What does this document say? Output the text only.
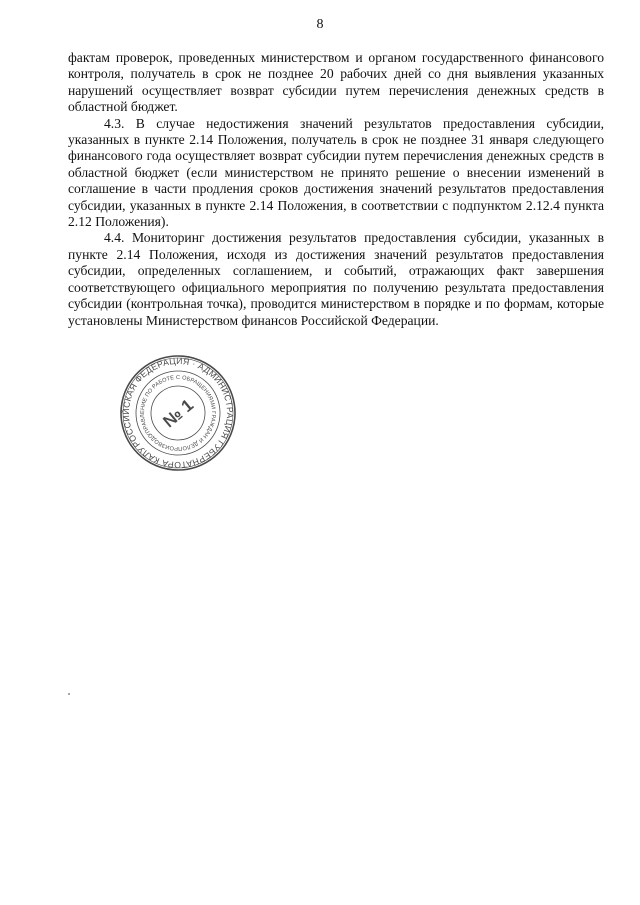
8

фактам проверок, проведенных министерством и органом государственного финансового контроля, получатель в срок не позднее 20 рабочих дней со дня выявления указанных нарушений осуществляет возврат субсидии путем перечисления денежных средств в областной бюджет.

4.3. В случае недостижения значений результатов предоставления субсидии, указанных в пункте 2.14 Положения, получатель в срок не позднее 31 января следующего финансового года осуществляет возврат субсидии путем перечисления денежных средств в областной бюджет (если министерством не принято решение о внесении изменений в соглашение в части продления сроков достижения значений результатов предоставления субсидии, указанных в пункте 2.14 Положения, в соответствии с подпунктом 2.12.4 пункта 2.12 Положения).

4.4. Мониторинг достижения результатов предоставления субсидии, указанных в пункте 2.14 Положения, исходя из достижения значений результатов предоставления субсидии, определенных соглашением, и событий, отражающих факт завершения соответствующего официального мероприятия по получению результата предоставления субсидии (контрольная точка), проводится министерством в порядке и по формам, которые установлены Министерством финансов Российской Федерации.

РОССИЙСКАЯ ФЕДЕРАЦИЯ · АДМИНИСТРАЦИЯ ГУБЕРНАТОРА КАЛУЖСКОЙ
УПРАВЛЕНИЕ ПО РАБОТЕ С ОБРАЩЕНИЯМИ ГРАЖДАН И ДЕЛОПРОИЗВОДСТВУ	№ 1
